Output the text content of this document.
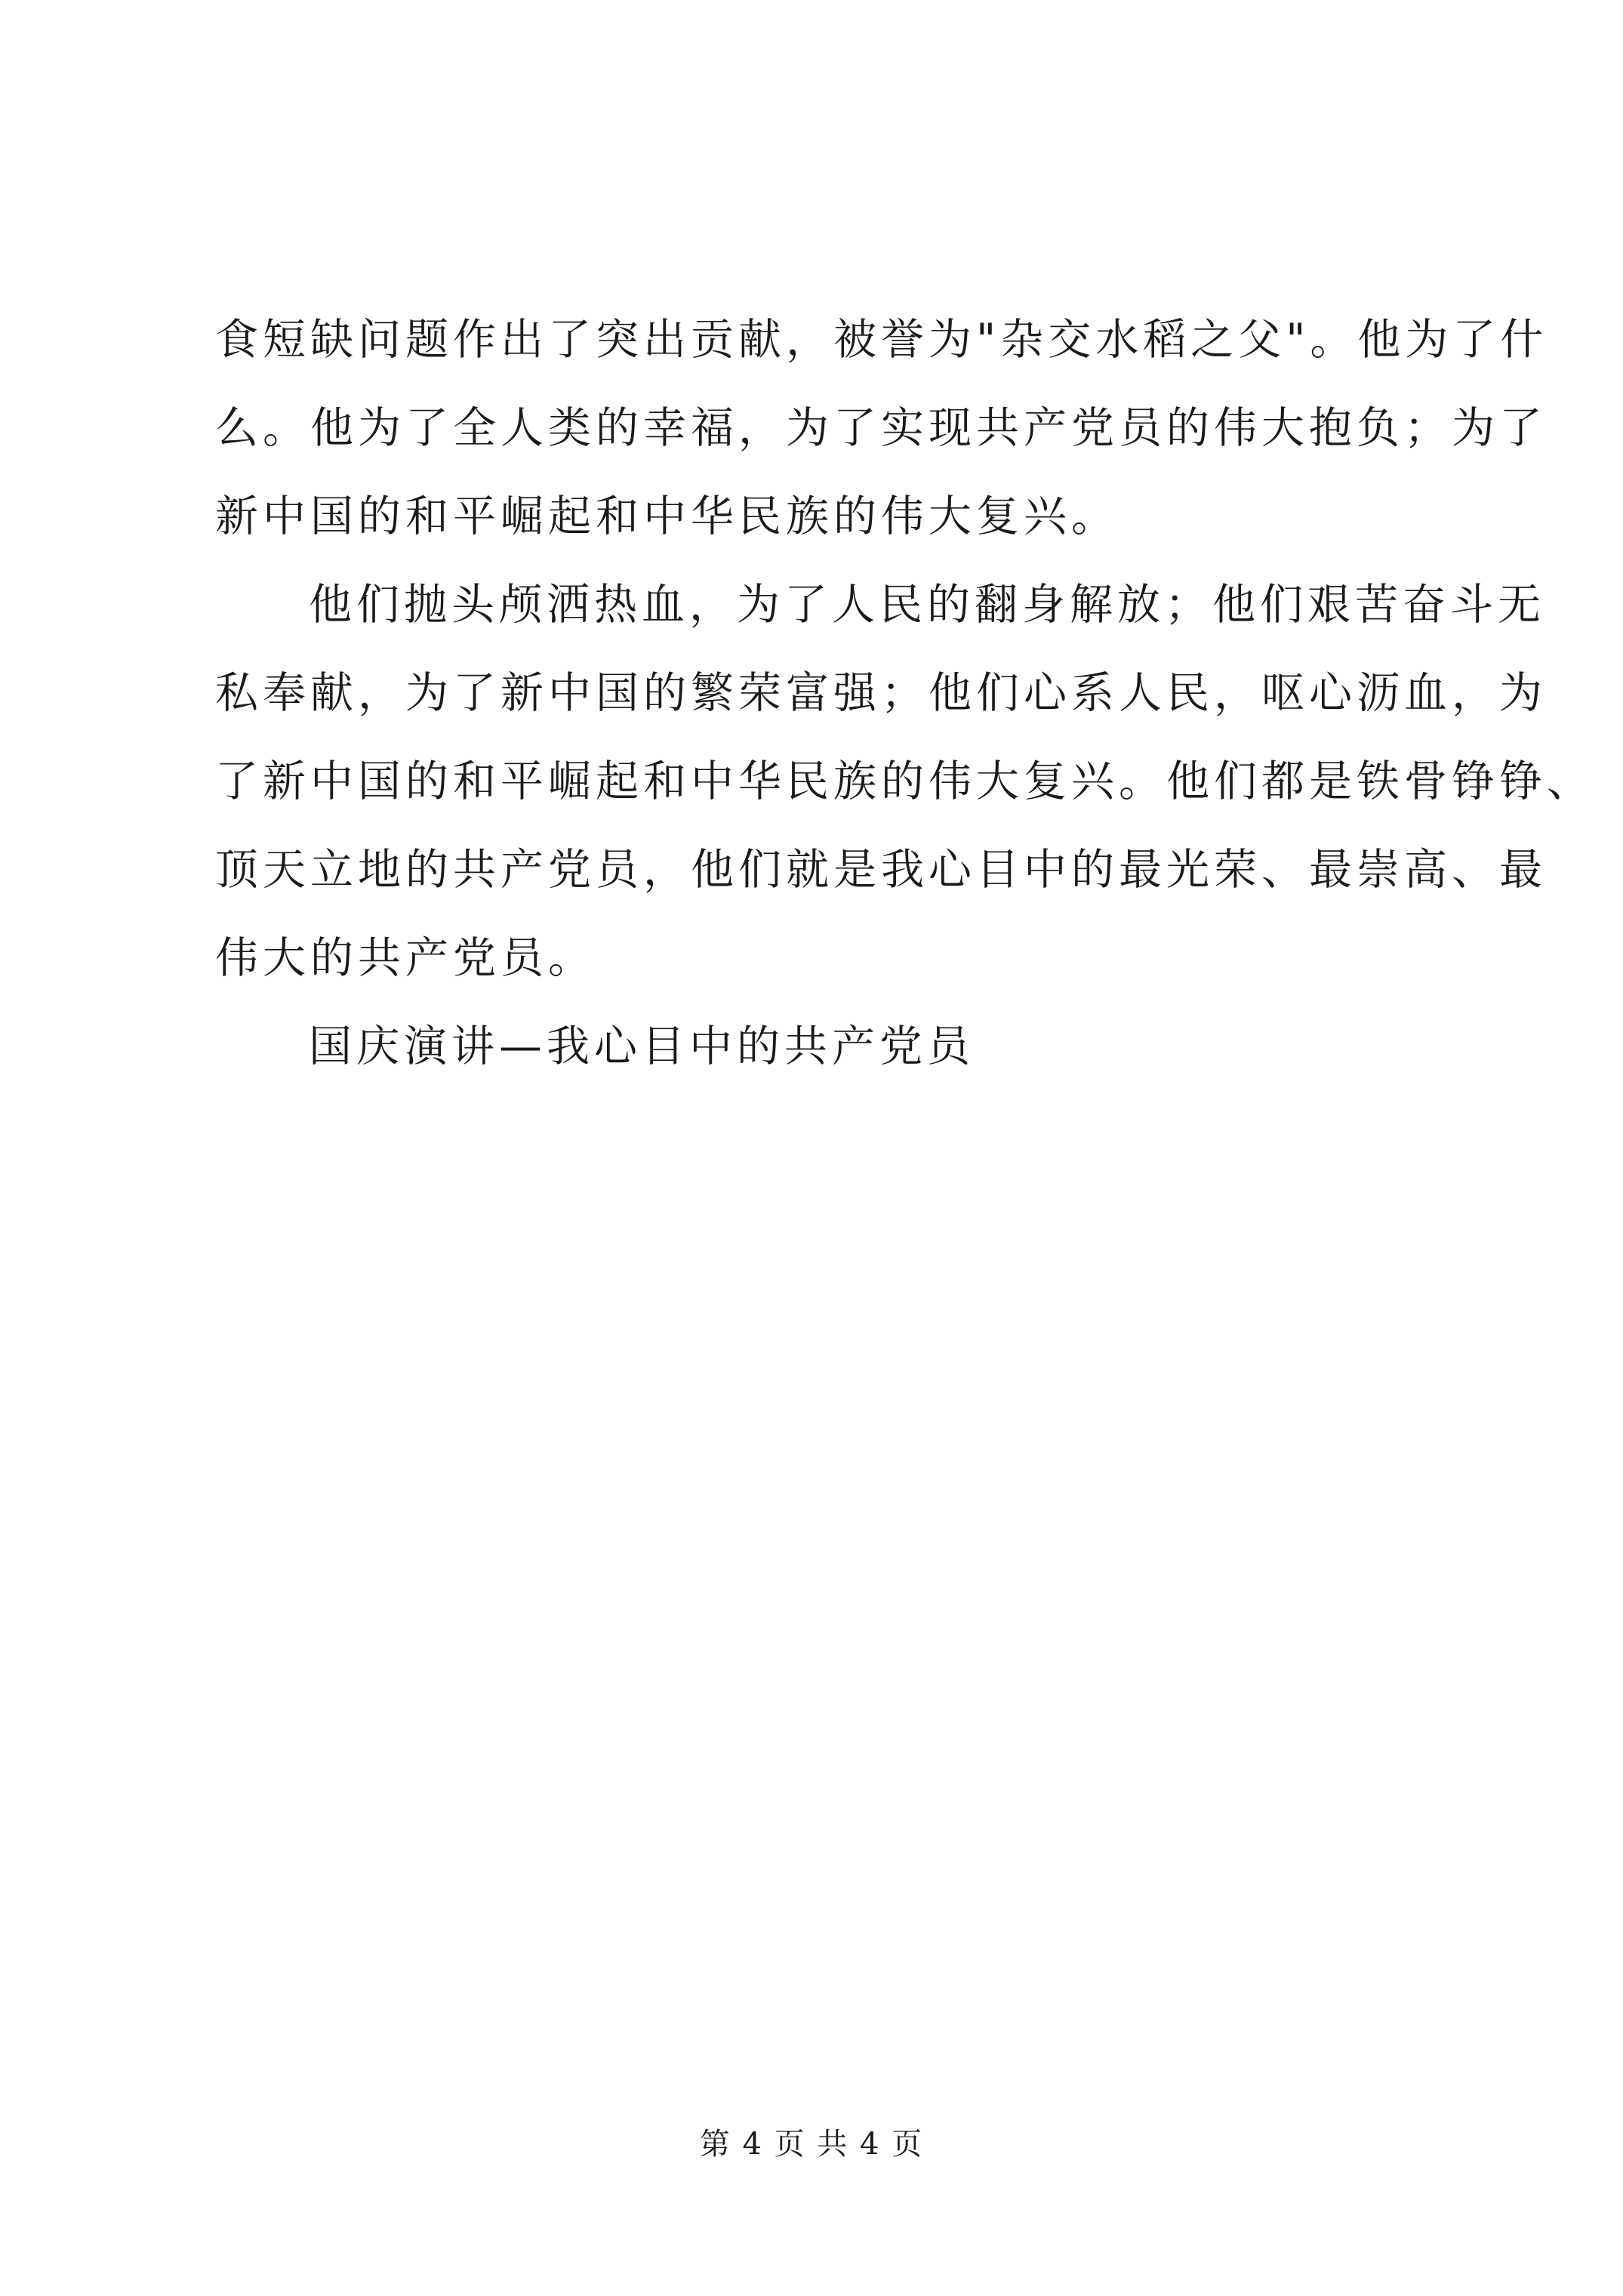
食短缺问题作出了突出贡献，被誉为"杂交水稻之父"。他为了什
么。他为了全人类的幸福，为了实现共产党员的伟大抱负；为了
新中国的和平崛起和中华民族的伟大复兴。
他们抛头颅洒热血，为了人民的翻身解放；他们艰苦奋斗无
私奉献，为了新中国的繁荣富强；他们心系人民，呕心沥血，为
了新中国的和平崛起和中华民族的伟大复兴。他们都是铁骨铮铮、
顶天立地的共产党员，他们就是我心目中的最光荣、最崇高、最
伟大的共产党员。
国庆演讲—我心目中的共产党员
第 4 页 共 4 页
